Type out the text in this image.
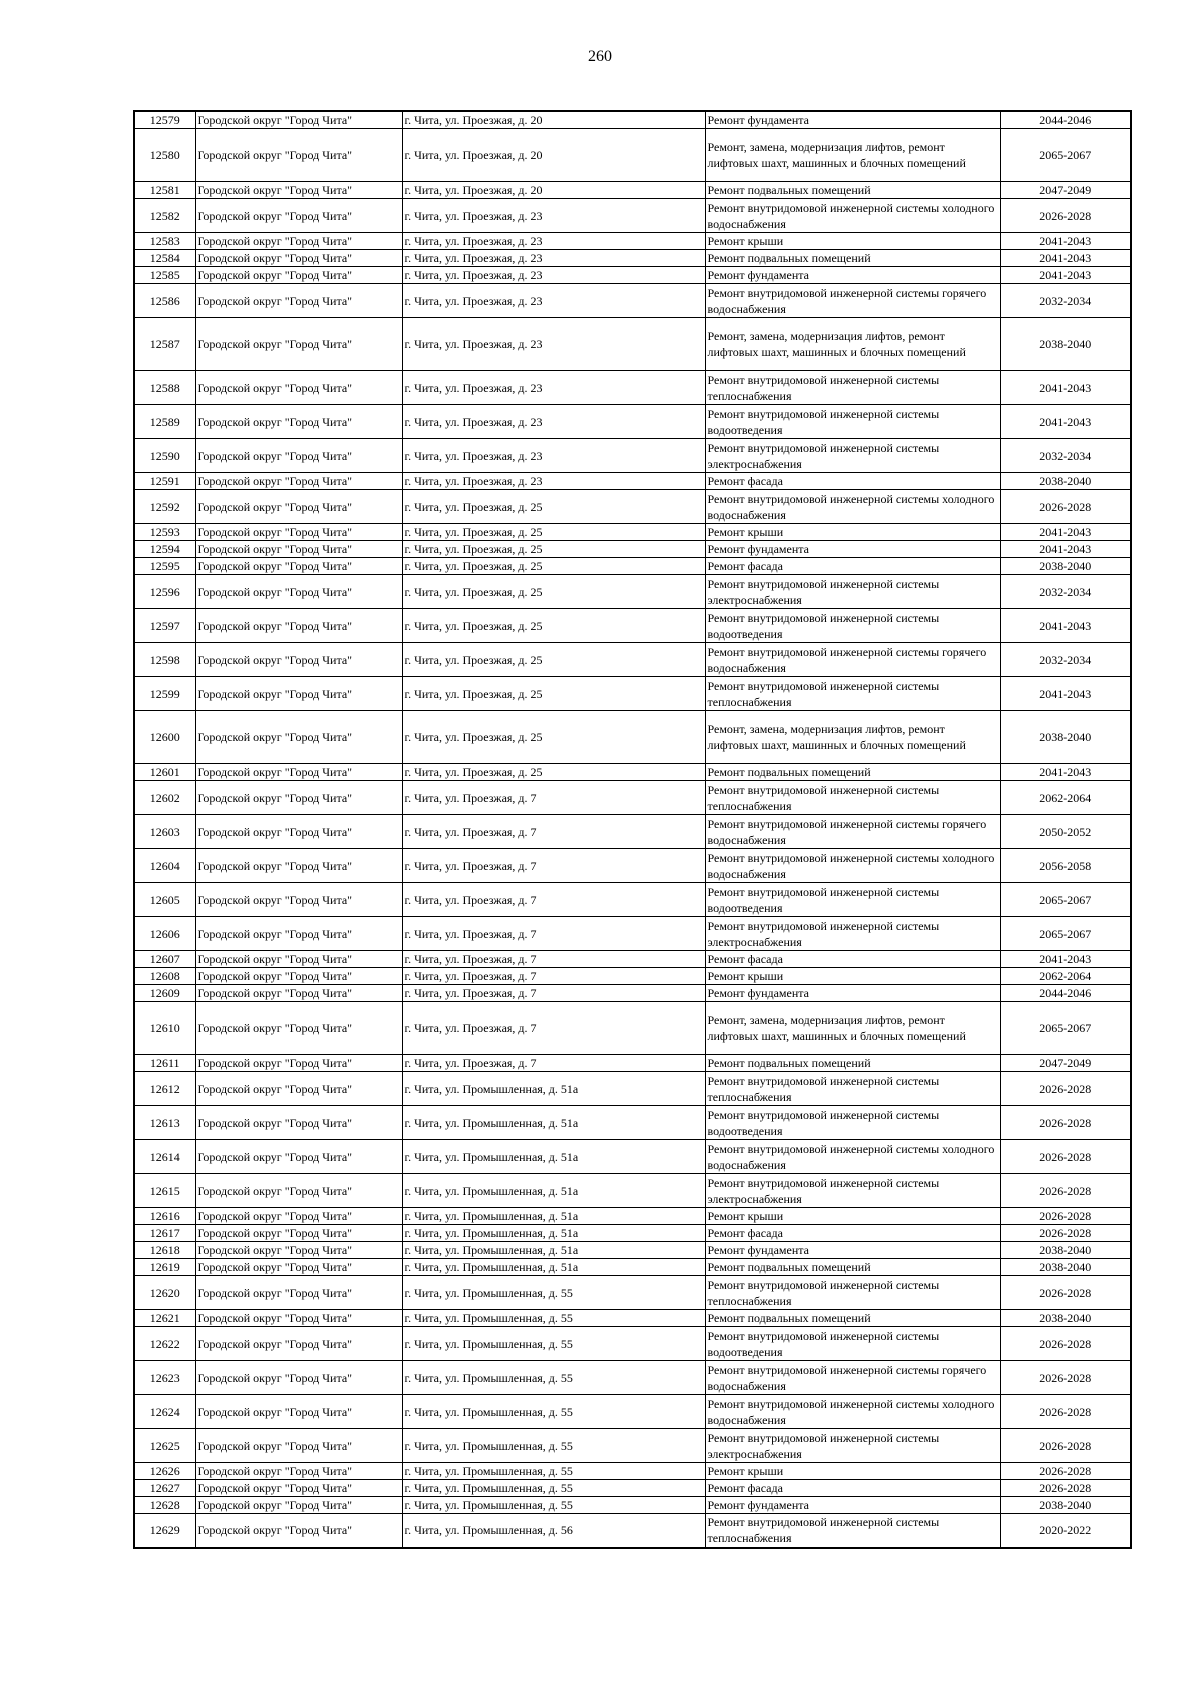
260
12579	Городской округ "Город Чита"	г. Чита, ул. Проезжая, д. 20	Ремонт фундамента	2044-2046
12580	Городской округ "Город Чита"	г. Чита, ул. Проезжая, д. 20	Ремонт, замена, модернизация лифтов, ремонт лифтовых шахт, машинных и блочных помещений	2065-2067
12581	Городской округ "Город Чита"	г. Чита, ул. Проезжая, д. 20	Ремонт подвальных помещений	2047-2049
12582	Городской округ "Город Чита"	г. Чита, ул. Проезжая, д. 23	Ремонт внутридомовой инженерной системы холодного водоснабжения	2026-2028
12583	Городской округ "Город Чита"	г. Чита, ул. Проезжая, д. 23	Ремонт крыши	2041-2043
12584	Городской округ "Город Чита"	г. Чита, ул. Проезжая, д. 23	Ремонт подвальных помещений	2041-2043
12585	Городской округ "Город Чита"	г. Чита, ул. Проезжая, д. 23	Ремонт фундамента	2041-2043
12586	Городской округ "Город Чита"	г. Чита, ул. Проезжая, д. 23	Ремонт внутридомовой инженерной системы горячего водоснабжения	2032-2034
12587	Городской округ "Город Чита"	г. Чита, ул. Проезжая, д. 23	Ремонт, замена, модернизация лифтов, ремонт лифтовых шахт, машинных и блочных помещений	2038-2040
12588	Городской округ "Город Чита"	г. Чита, ул. Проезжая, д. 23	Ремонт внутридомовой инженерной системы теплоснабжения	2041-2043
12589	Городской округ "Город Чита"	г. Чита, ул. Проезжая, д. 23	Ремонт внутридомовой инженерной системы водоотведения	2041-2043
12590	Городской округ "Город Чита"	г. Чита, ул. Проезжая, д. 23	Ремонт внутридомовой инженерной системы электроснабжения	2032-2034
12591	Городской округ "Город Чита"	г. Чита, ул. Проезжая, д. 23	Ремонт фасада	2038-2040
12592	Городской округ "Город Чита"	г. Чита, ул. Проезжая, д. 25	Ремонт внутридомовой инженерной системы холодного водоснабжения	2026-2028
12593	Городской округ "Город Чита"	г. Чита, ул. Проезжая, д. 25	Ремонт крыши	2041-2043
12594	Городской округ "Город Чита"	г. Чита, ул. Проезжая, д. 25	Ремонт фундамента	2041-2043
12595	Городской округ "Город Чита"	г. Чита, ул. Проезжая, д. 25	Ремонт фасада	2038-2040
12596	Городской округ "Город Чита"	г. Чита, ул. Проезжая, д. 25	Ремонт внутридомовой инженерной системы электроснабжения	2032-2034
12597	Городской округ "Город Чита"	г. Чита, ул. Проезжая, д. 25	Ремонт внутридомовой инженерной системы водоотведения	2041-2043
12598	Городской округ "Город Чита"	г. Чита, ул. Проезжая, д. 25	Ремонт внутридомовой инженерной системы горячего водоснабжения	2032-2034
12599	Городской округ "Город Чита"	г. Чита, ул. Проезжая, д. 25	Ремонт внутридомовой инженерной системы теплоснабжения	2041-2043
12600	Городской округ "Город Чита"	г. Чита, ул. Проезжая, д. 25	Ремонт, замена, модернизация лифтов, ремонт лифтовых шахт, машинных и блочных помещений	2038-2040
12601	Городской округ "Город Чита"	г. Чита, ул. Проезжая, д. 25	Ремонт подвальных помещений	2041-2043
12602	Городской округ "Город Чита"	г. Чита, ул. Проезжая, д. 7	Ремонт внутридомовой инженерной системы теплоснабжения	2062-2064
12603	Городской округ "Город Чита"	г. Чита, ул. Проезжая, д. 7	Ремонт внутридомовой инженерной системы горячего водоснабжения	2050-2052
12604	Городской округ "Город Чита"	г. Чита, ул. Проезжая, д. 7	Ремонт внутридомовой инженерной системы холодного водоснабжения	2056-2058
12605	Городской округ "Город Чита"	г. Чита, ул. Проезжая, д. 7	Ремонт внутридомовой инженерной системы водоотведения	2065-2067
12606	Городской округ "Город Чита"	г. Чита, ул. Проезжая, д. 7	Ремонт внутридомовой инженерной системы электроснабжения	2065-2067
12607	Городской округ "Город Чита"	г. Чита, ул. Проезжая, д. 7	Ремонт фасада	2041-2043
12608	Городской округ "Город Чита"	г. Чита, ул. Проезжая, д. 7	Ремонт крыши	2062-2064
12609	Городской округ "Город Чита"	г. Чита, ул. Проезжая, д. 7	Ремонт фундамента	2044-2046
12610	Городской округ "Город Чита"	г. Чита, ул. Проезжая, д. 7	Ремонт, замена, модернизация лифтов, ремонт лифтовых шахт, машинных и блочных помещений	2065-2067
12611	Городской округ "Город Чита"	г. Чита, ул. Проезжая, д. 7	Ремонт подвальных помещений	2047-2049
12612	Городской округ "Город Чита"	г. Чита, ул. Промышленная, д. 51а	Ремонт внутридомовой инженерной системы теплоснабжения	2026-2028
12613	Городской округ "Город Чита"	г. Чита, ул. Промышленная, д. 51а	Ремонт внутридомовой инженерной системы водоотведения	2026-2028
12614	Городской округ "Город Чита"	г. Чита, ул. Промышленная, д. 51а	Ремонт внутридомовой инженерной системы холодного водоснабжения	2026-2028
12615	Городской округ "Город Чита"	г. Чита, ул. Промышленная, д. 51а	Ремонт внутридомовой инженерной системы электроснабжения	2026-2028
12616	Городской округ "Город Чита"	г. Чита, ул. Промышленная, д. 51а	Ремонт крыши	2026-2028
12617	Городской округ "Город Чита"	г. Чита, ул. Промышленная, д. 51а	Ремонт фасада	2026-2028
12618	Городской округ "Город Чита"	г. Чита, ул. Промышленная, д. 51а	Ремонт фундамента	2038-2040
12619	Городской округ "Город Чита"	г. Чита, ул. Промышленная, д. 51а	Ремонт подвальных помещений	2038-2040
12620	Городской округ "Город Чита"	г. Чита, ул. Промышленная, д. 55	Ремонт внутридомовой инженерной системы теплоснабжения	2026-2028
12621	Городской округ "Город Чита"	г. Чита, ул. Промышленная, д. 55	Ремонт подвальных помещений	2038-2040
12622	Городской округ "Город Чита"	г. Чита, ул. Промышленная, д. 55	Ремонт внутридомовой инженерной системы водоотведения	2026-2028
12623	Городской округ "Город Чита"	г. Чита, ул. Промышленная, д. 55	Ремонт внутридомовой инженерной системы горячего водоснабжения	2026-2028
12624	Городской округ "Город Чита"	г. Чита, ул. Промышленная, д. 55	Ремонт внутридомовой инженерной системы холодного водоснабжения	2026-2028
12625	Городской округ "Город Чита"	г. Чита, ул. Промышленная, д. 55	Ремонт внутридомовой инженерной системы электроснабжения	2026-2028
12626	Городской округ "Город Чита"	г. Чита, ул. Промышленная, д. 55	Ремонт крыши	2026-2028
12627	Городской округ "Город Чита"	г. Чита, ул. Промышленная, д. 55	Ремонт фасада	2026-2028
12628	Городской округ "Город Чита"	г. Чита, ул. Промышленная, д. 55	Ремонт фундамента	2038-2040
12629	Городской округ "Город Чита"	г. Чита, ул. Промышленная, д. 56	Ремонт внутридомовой инженерной системы теплоснабжения	2020-2022
